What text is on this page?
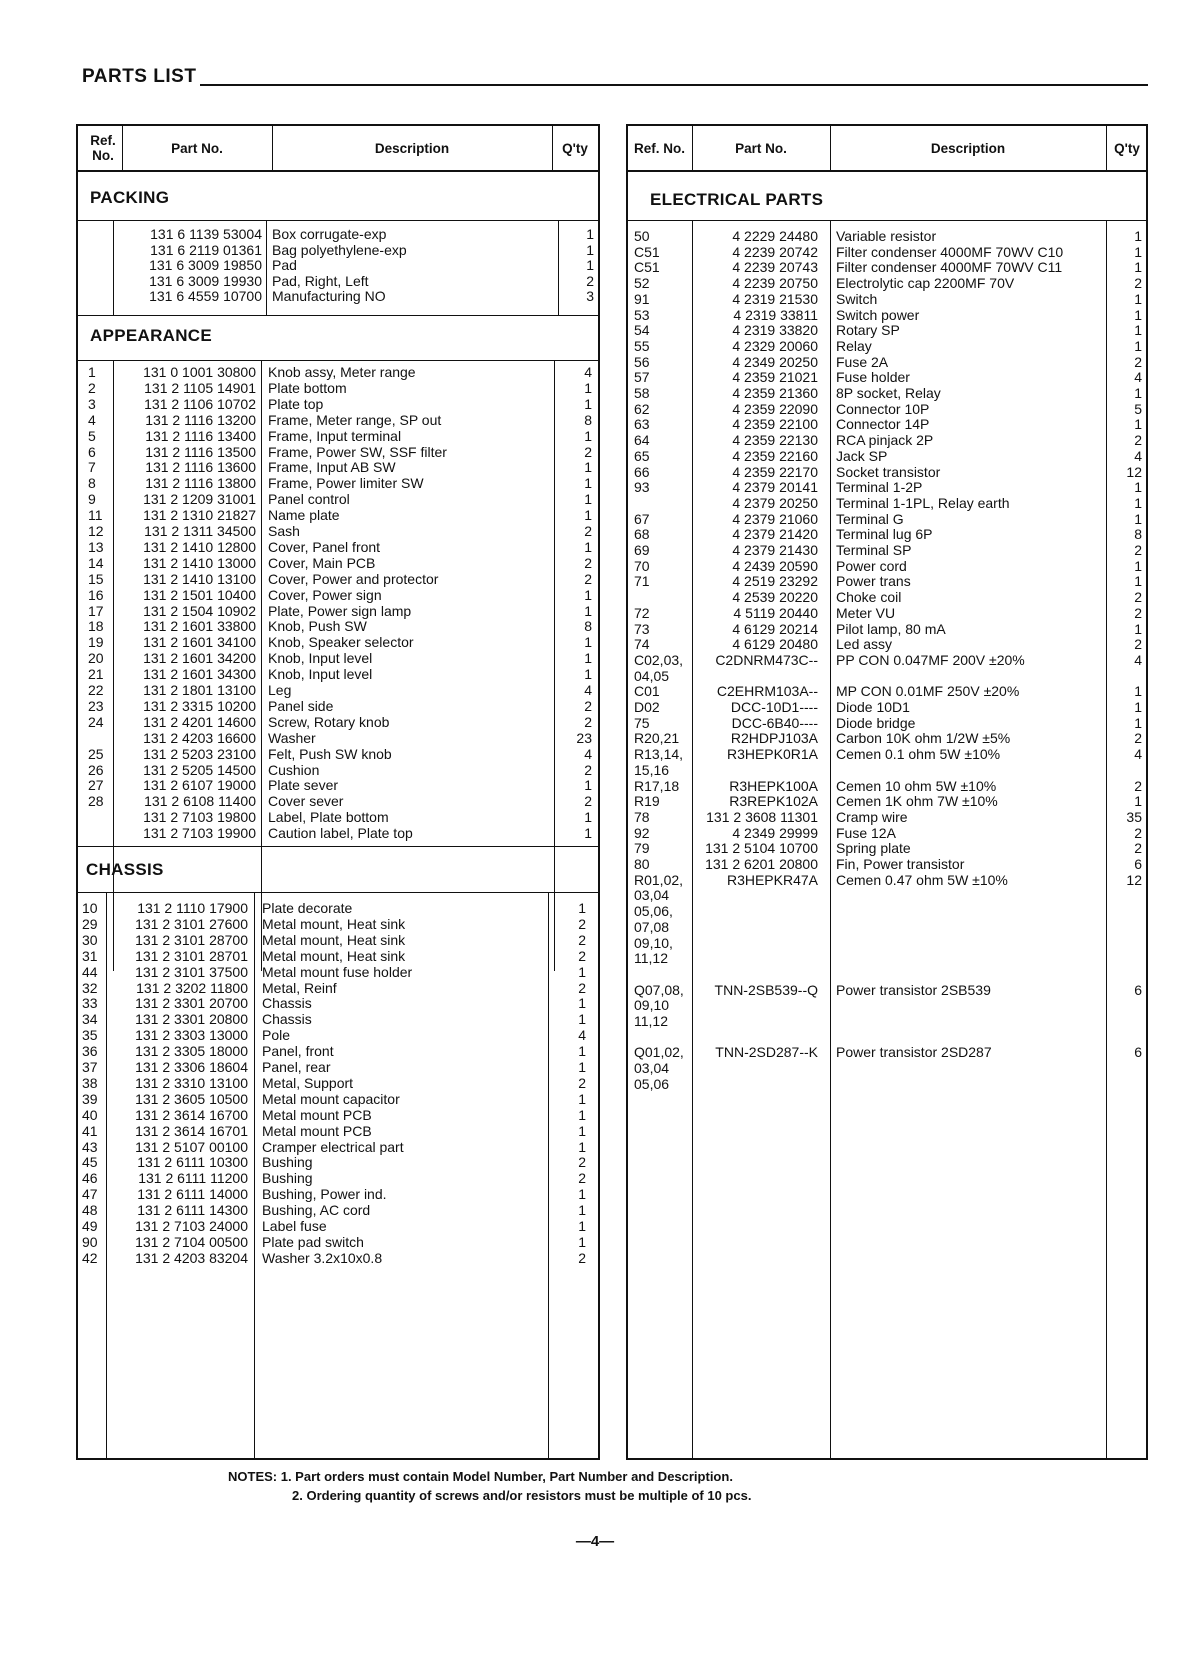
PARTS LIST
Ref. No.	Part No.	Description	Q'ty
PACKING
131 6 1139 53004 Box corrugate-exp	1
131 6 2119 01361 Bag polyethylene-exp	1
131 6 3009 19850 Pad	1
131 6 3009 19930 Pad, Right, Left	2
131 6 4559 10700 Manufacturing NO	3
APPEARANCE
1	131 0 1001 30800 Knob assy, Meter range	4
2	131 2 1105 14901 Plate bottom	1
3	131 2 1106 10702 Plate top	1
4	131 2 1116 13200 Frame, Meter range, SP out	8
5	131 2 1116 13400 Frame, Input terminal	1
6	131 2 1116 13500 Frame, Power SW, SSF filter	2
7	131 2 1116 13600 Frame, Input AB SW	1
8	131 2 1116 13800 Frame, Power limiter SW	1
9	131 2 1209 31001 Panel control	1
11	131 2 1310 21827 Name plate	1
12	131 2 1311 34500 Sash	2
13	131 2 1410 12800 Cover, Panel front	1
14	131 2 1410 13000 Cover, Main PCB	2
15	131 2 1410 13100 Cover, Power and protector	2
16	131 2 1501 10400 Cover, Power sign	1
17	131 2 1504 10902 Plate, Power sign lamp	1
18	131 2 1601 33800 Knob, Push SW	8
19	131 2 1601 34100 Knob, Speaker selector	1
20	131 2 1601 34200 Knob, Input level	1
21	131 2 1601 34300 Knob, Input level	1
22	131 2 1801 13100 Leg	4
23	131 2 3315 10200 Panel side	2
24	131 2 4201 14600 Screw, Rotary knob	2
131 2 4203 16600 Washer	23
25	131 2 5203 23100 Felt, Push SW knob	4
26	131 2 5205 14500 Cushion	2
27	131 2 6107 19000 Plate sever	1
28	131 2 6108 11400 Cover sever	2
131 2 7103 19800 Label, Plate bottom	1
131 2 7103 19900 Caution label, Plate top	1
CHASSIS
10	131 2 1110 17900 Plate decorate	1
29	131 2 3101 27600 Metal mount, Heat sink	2
30	131 2 3101 28700 Metal mount, Heat sink	2
31	131 2 3101 28701 Metal mount, Heat sink	2
44	131 2 3101 37500 Metal mount fuse holder	1
32	131 2 3202 11800 Metal, Reinf	2
33	131 2 3301 20700 Chassis	1
34	131 2 3301 20800 Chassis	1
35	131 2 3303 13000 Pole	4
36	131 2 3305 18000 Panel, front	1
37	131 2 3306 18604 Panel, rear	1
38	131 2 3310 13100 Metal, Support	2
39	131 2 3605 10500 Metal mount capacitor	1
40	131 2 3614 16700 Metal mount PCB	1
41	131 2 3614 16701 Metal mount PCB	1
43	131 2 5107 00100 Cramper electrical part	1
45	131 2 6111 10300 Bushing	2
46	131 2 6111 11200 Bushing	2
47	131 2 6111 14000 Bushing, Power ind.	1
48	131 2 6111 14300 Bushing, AC cord	1
49	131 2 7103 24000 Label fuse	1
90	131 2 7104 00500 Plate pad switch	1
42	131 2 4203 83204 Washer 3.2x10x0.8	2
Ref. No.	Part No.	Description	Q'ty
ELECTRICAL PARTS
50	4 2229 24480 Variable resistor	1
C51	4 2239 20742 Filter condenser 4000MF 70WV C10	1
C51	4 2239 20743 Filter condenser 4000MF 70WV C11	1
52	4 2239 20750 Electrolytic cap 2200MF 70V	2
91	4 2319 21530 Switch	1
53	4 2319 33811 Switch power	1
54	4 2319 33820 Rotary SP	1
55	4 2329 20060 Relay	1
56	4 2349 20250 Fuse 2A	2
57	4 2359 21021 Fuse holder	4
58	4 2359 21360 8P socket, Relay	1
62	4 2359 22090 Connector 10P	5
63	4 2359 22100 Connector 14P	1
64	4 2359 22130 RCA pinjack 2P	2
65	4 2359 22160 Jack SP	4
66	4 2359 22170 Socket transistor	12
93	4 2379 20141 Terminal 1-2P	1
4 2379 20250 Terminal 1-1PL, Relay earth	1
67	4 2379 21060 Terminal G	1
68	4 2379 21420 Terminal lug 6P	8
69	4 2379 21430 Terminal SP	2
70	4 2439 20590 Power cord	1
71	4 2519 23292 Power trans	1
4 2539 20220 Choke coil	2
72	4 5119 20440 Meter VU	2
73	4 6129 20214 Pilot lamp, 80 mA	1
74	4 6129 20480 Led assy	2
C02,03,	C2DNRM473C-- PP CON 0.047MF 200V ±20%	4
04,05
C01	C2EHRM103A-- MP CON 0.01MF 250V ±20%	1
D02	DCC-10D1---- Diode 10D1	1
75	DCC-6B40---- Diode bridge	1
R20,21	R2HDPJ103A Carbon 10K ohm 1/2W ±5%	2
R13,14,	R3HEPK0R1A Cemen 0.1 ohm 5W ±10%	4
15,16
R17,18	R3HEPK100A Cemen 10 ohm 5W ±10%	2
R19	R3REPK102A Cemen 1K ohm 7W ±10%	1
78	131 2 3608 11301 Cramp wire	35
92	4 2349 29999 Fuse 12A	2
79	131 2 5104 10700 Spring plate	2
80	131 2 6201 20800 Fin, Power transistor	6
R01,02,	R3HEPKR47A Cemen 0.47 ohm 5W ±10%	12
03,04
05,06,
07,08
09,10,
11,12
Q07,08,	TNN-2SB539--Q Power transistor 2SB539	6
09,10
11,12
Q01,02,	TNN-2SD287--K Power transistor 2SD287	6
03,04
05,06
NOTES: 1. Part orders must contain Model Number, Part Number and Description.
2. Ordering quantity of screws and/or resistors must be multiple of 10 pcs.
—4—
